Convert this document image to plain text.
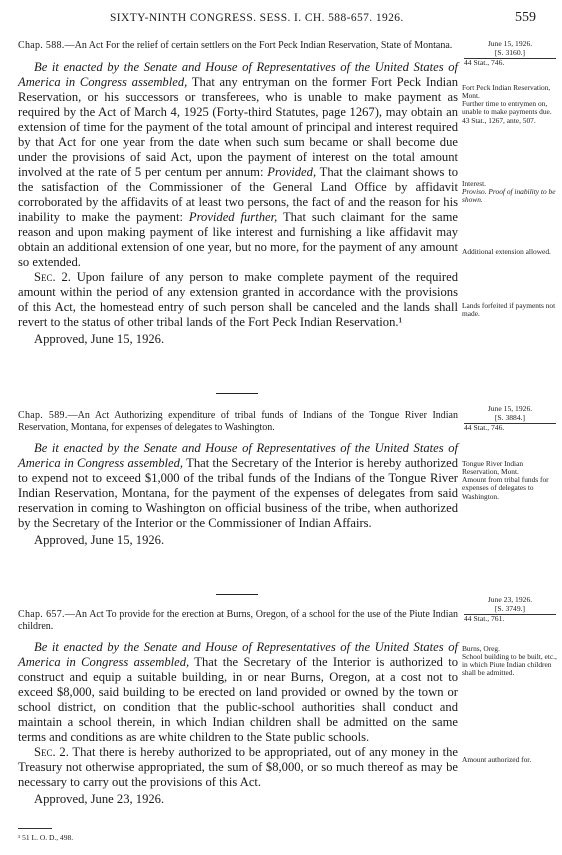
SIXTY-NINTH CONGRESS. SESS. I. CH. 588-657. 1926.	559
Chap. 588.—An Act For the relief of certain settlers on the Fort Peck Indian Reservation, State of Montana.

Be it enacted by the Senate and House of Representatives of the United States of America in Congress assembled, That any entryman on the former Fort Peck Indian Reservation, or his successors or transferees, who is unable to make payment as required by the Act of March 4, 1925 (Forty-third Statutes, page 1267), may obtain an extension of time for the payment of the total amount of principal and interest required by that Act for one year from the date when such sum became or shall become due under the provisions of said Act, upon the payment of interest on the total amount involved at the rate of 5 per centum per annum: Provided, That the claimant shows to the satisfaction of the Commissioner of the General Land Office by affidavit corroborated by the affidavits of at least two persons, the fact of and the reason for his inability to make the payment: Provided further, That such claimant for the same reason and upon making payment of like interest and furnishing a like affidavit may obtain an additional extension of one year, but no more, for the payment of any amount so extended.

Sec. 2. Upon failure of any person to make complete payment of the required amount within the period of any extension granted in accordance with the provisions of this Act, the homestead entry of such person shall be canceled and the lands shall revert to the status of other tribal lands of the Fort Peck Indian Reservation.¹

Approved, June 15, 1926.
June 15, 1926.
[S. 3160.]
44 Stat., 746.
Fort Peck Indian Reservation, Mont.
Further time to entrymen on, unable to make payments due. 43 Stat., 1267, ante, 507.
Interest.
Proviso. Proof of inability to be shown.
Additional extension allowed.
Lands forfeited if payments not made.
Chap. 589.—An Act Authorizing expenditure of tribal funds of Indians of the Tongue River Indian Reservation, Montana, for expenses of delegates to Washington.

Be it enacted by the Senate and House of Representatives of the United States of America in Congress assembled, That the Secretary of the Interior is hereby authorized to expend not to exceed $1,000 of the tribal funds of the Indians of the Tongue River Indian Reservation, Montana, for the payment of the expenses of delegates from said reservation in coming to Washington on official business of the tribe, when authorized by the Secretary of the Interior or the Commissioner of Indian Affairs.

Approved, June 15, 1926.
June 15, 1926.
[S. 3884.]
44 Stat., 746.
Tongue River Indian Reservation, Mont.
Amount from tribal funds for expenses of delegates to Washington.
Chap. 657.—An Act To provide for the erection at Burns, Oregon, of a school for the use of the Piute Indian children.

Be it enacted by the Senate and House of Representatives of the United States of America in Congress assembled, That the Secretary of the Interior is authorized to construct and equip a suitable building, in or near Burns, Oregon, at a cost not to exceed $8,000, said building to be erected on land provided or owned by the town or school district, on condition that the public-school authorities shall conduct and maintain a school therein, in which Indian children shall be admitted on the same terms and conditions as are white children to the State public schools.

Sec. 2. That there is hereby authorized to be appropriated, out of any money in the Treasury not otherwise appropriated, the sum of $8,000, or so much thereof as may be necessary to carry out the provisions of this Act.

Approved, June 23, 1926.
June 23, 1926.
[S. 3749.]
44 Stat., 761.
Burns, Oreg.
School building to be built, etc., in which Piute Indian children shall be admitted.
Amount authorized for.
¹ 51 L. O. D., 498.
